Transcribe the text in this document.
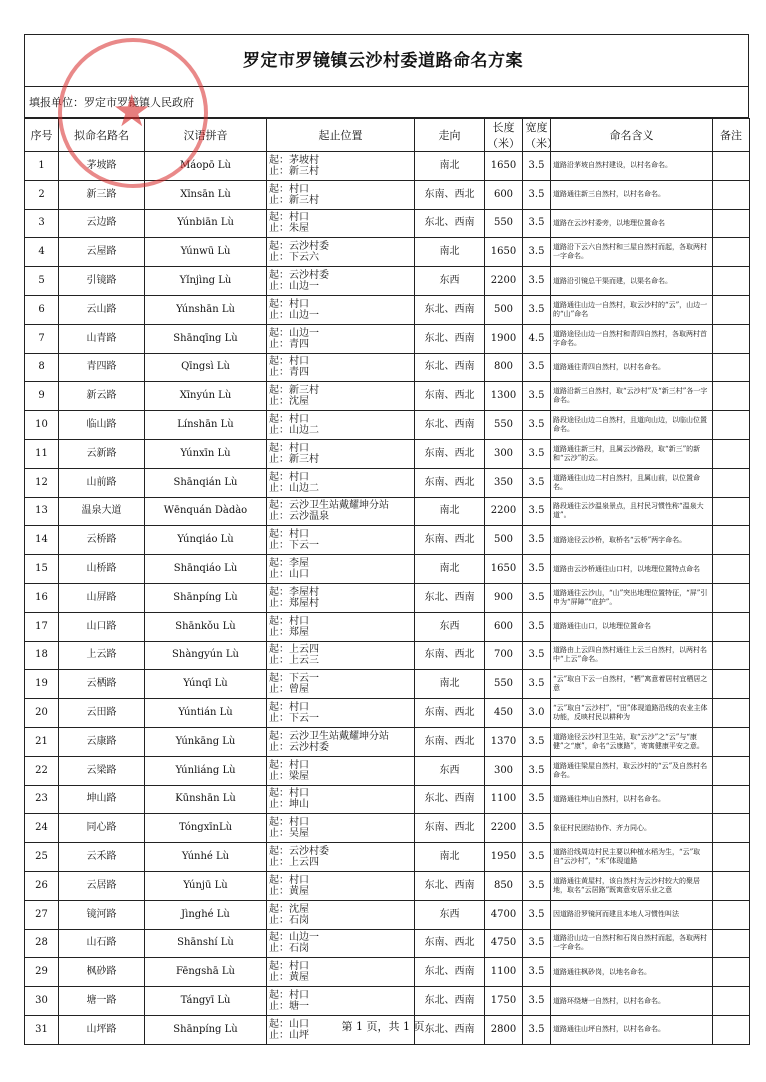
罗定市罗镜镇云沙村委道路命名方案
填报单位：罗定市罗镜镇人民政府
序号	拟命名路名	汉语拼音	起止位置	走向	长度（米）	宽度（米）	命名含义	备注
1	茅坡路	Máopō Lù	起：茅坡村
止：新三村	南北	1650	3.5	道路沿茅坡自然村建设，以村名命名。	
2	新三路	Xīnsān Lù	起：村口
止：新三村	东南、西北	600	3.5	道路通往新三自然村，以村名命名。	
3	云边路	Yúnbiān Lù	起：村口
止：朱屋	东北、西南	550	3.5	道路在云沙村委旁，以地理位置命名	
4	云屋路	Yúnwū Lù	起：云沙村委
止：下云六	南北	1650	3.5	道路沿下云六自然村和三屋自然村而起，各取两村一字命名。	
5	引镜路	Yǐnjìng Lù	起：云沙村委
止：山边一	东西	2200	3.5	道路沿引镜总干渠而建，以渠名命名。	
6	云山路	Yúnshān Lù	起：村口
止：山边一	东北、西南	500	3.5	道路通往山边一自然村，取云沙村的“云”，山边一的“山”命名	
7	山青路	Shānqīng Lù	起：山边一
止：青四	东北、西南	1900	4.5	道路途径山边一自然村和青四自然村，各取两村首字命名。	
8	青四路	Qīngsì Lù	起：村口
止：青四	东北、西南	800	3.5	道路通往青四自然村，以村名命名。	
9	新云路	Xīnyún Lù	起：新三村
止：沈屋	东南、西北	1300	3.5	道路沿新三自然村，取“云沙村”及“新三村”各一字命名。	
10	临山路	Línshān Lù	起：村口
止：山边二	东北、西南	550	3.5	路段途径山边二自然村，且道向山边，以临山位置命名。	
11	云新路	Yúnxīn Lù	起：村口
止：新三村	东南、西北	300	3.5	道路通往新三村，且属云沙路段，取“新三”的新和“云沙”的云。	
12	山前路	Shānqián Lù	起：村口
止：山边二	东南、西北	350	3.5	道路通往山边二村自然村，且属山前，以位置命名。	
13	温泉大道	Wēnquán Dàdào	起：云沙卫生站戴耀坤分站
止：云沙温泉	南北	2200	3.5	路段通往云沙温泉景点，且村民习惯性称“温泉大道”。	
14	云桥路	Yúnqiáo Lù	起：村口
止：下云一	东南、西北	500	3.5	道路途径云沙桥，取桥名“云桥”两字命名。	
15	山桥路	Shānqiáo Lù	起：李屋
止：山口	南北	1650	3.5	道路由云沙桥通往山口村，以地理位置特点命名	
16	山屏路	Shānpíng Lù	起：李屋村
止：郑屋村	东北、西南	900	3.5	道路通往云沙山，“山”突出地理位置特征，“屏”引申为“屏障”“庇护”。	
17	山口路	Shānkǒu Lù	起：村口
止：郑屋	东西	600	3.5	道路通往山口，以地理位置命名	
18	上云路	Shàngyún Lù	起：上云四
止：上云三	东南、西北	700	3.5	道路由上云四自然村通往上云三自然村，以两村名中“上云”命名。	
19	云栖路	Yúnqī Lù	起：下云一
止：曾屋	南北	550	3.5	“云”取自下云一自然村，“栖”寓意着居村宜栖居之意	
20	云田路	Yúntián Lù	起：村口
止：下云一	东南、西北	450	3.0	“云”取自“云沙村”，“田”体现道路沿线的农业主体功能，反映村民以耕种为	
21	云康路	Yúnkāng Lù	起：云沙卫生站戴耀坤分站
止：云沙村委	东南、西北	1370	3.5	道路途径云沙村卫生站，取“云沙”之“云”与“康健”之“康”，命名“云康路”，寄寓健康平安之意。	
22	云梁路	Yúnliáng Lù	起：村口
止：梁屋	东西	300	3.5	道路通往梁屋自然村，取云沙村的“云”及自然村名命名。	
23	坤山路	Kūnshān Lù	起：村口
止：坤山	东北、西南	1100	3.5	道路通往坤山自然村，以村名命名。	
24	同心路	TóngxīnLù	起：村口
止：吴屋	东南、西北	2200	3.5	象征村民团结协作、齐力同心。	
25	云禾路	Yúnhé Lù	起：云沙村委
止：上云四	南北	1950	3.5	道路沿线周边村民主要以种植水稻为生，“云”取自“云沙村”，“禾”体现道路	
26	云居路	Yúnjū Lù	起：村口
止：黄屋	东北、西南	850	3.5	道路通往黄屋村，该自然村为云沙村较大的聚居地，取名“云居路”既寓意安居乐业之意	
27	镜河路	Jìnghé Lù	起：沈屋
止：石岗	东西	4700	3.5	因道路沿罗镜河而建且本地人习惯性叫法	
28	山石路	Shānshí Lù	起：山边一
止：石岗	东南、西北	4750	3.5	道路沿山边一自然村和石岗自然村而起，各取两村一字命名。	
29	枫砂路	Fēngshā Lù	起：村口
止：黄屋	东北、西南	1100	3.5	道路通往枫砂岗，以地名命名。	
30	塘一路	Tángyī Lù	起：村口
止：塘一	东北、西南	1750	3.5	道路环绕塘一自然村，以村名命名。	
31	山坪路	Shānpíng Lù	起：山口
止：山坪	东北、西南	2800	3.5	道路通往山坪自然村，以村名命名。	
★
第 1 页，共 1 页
